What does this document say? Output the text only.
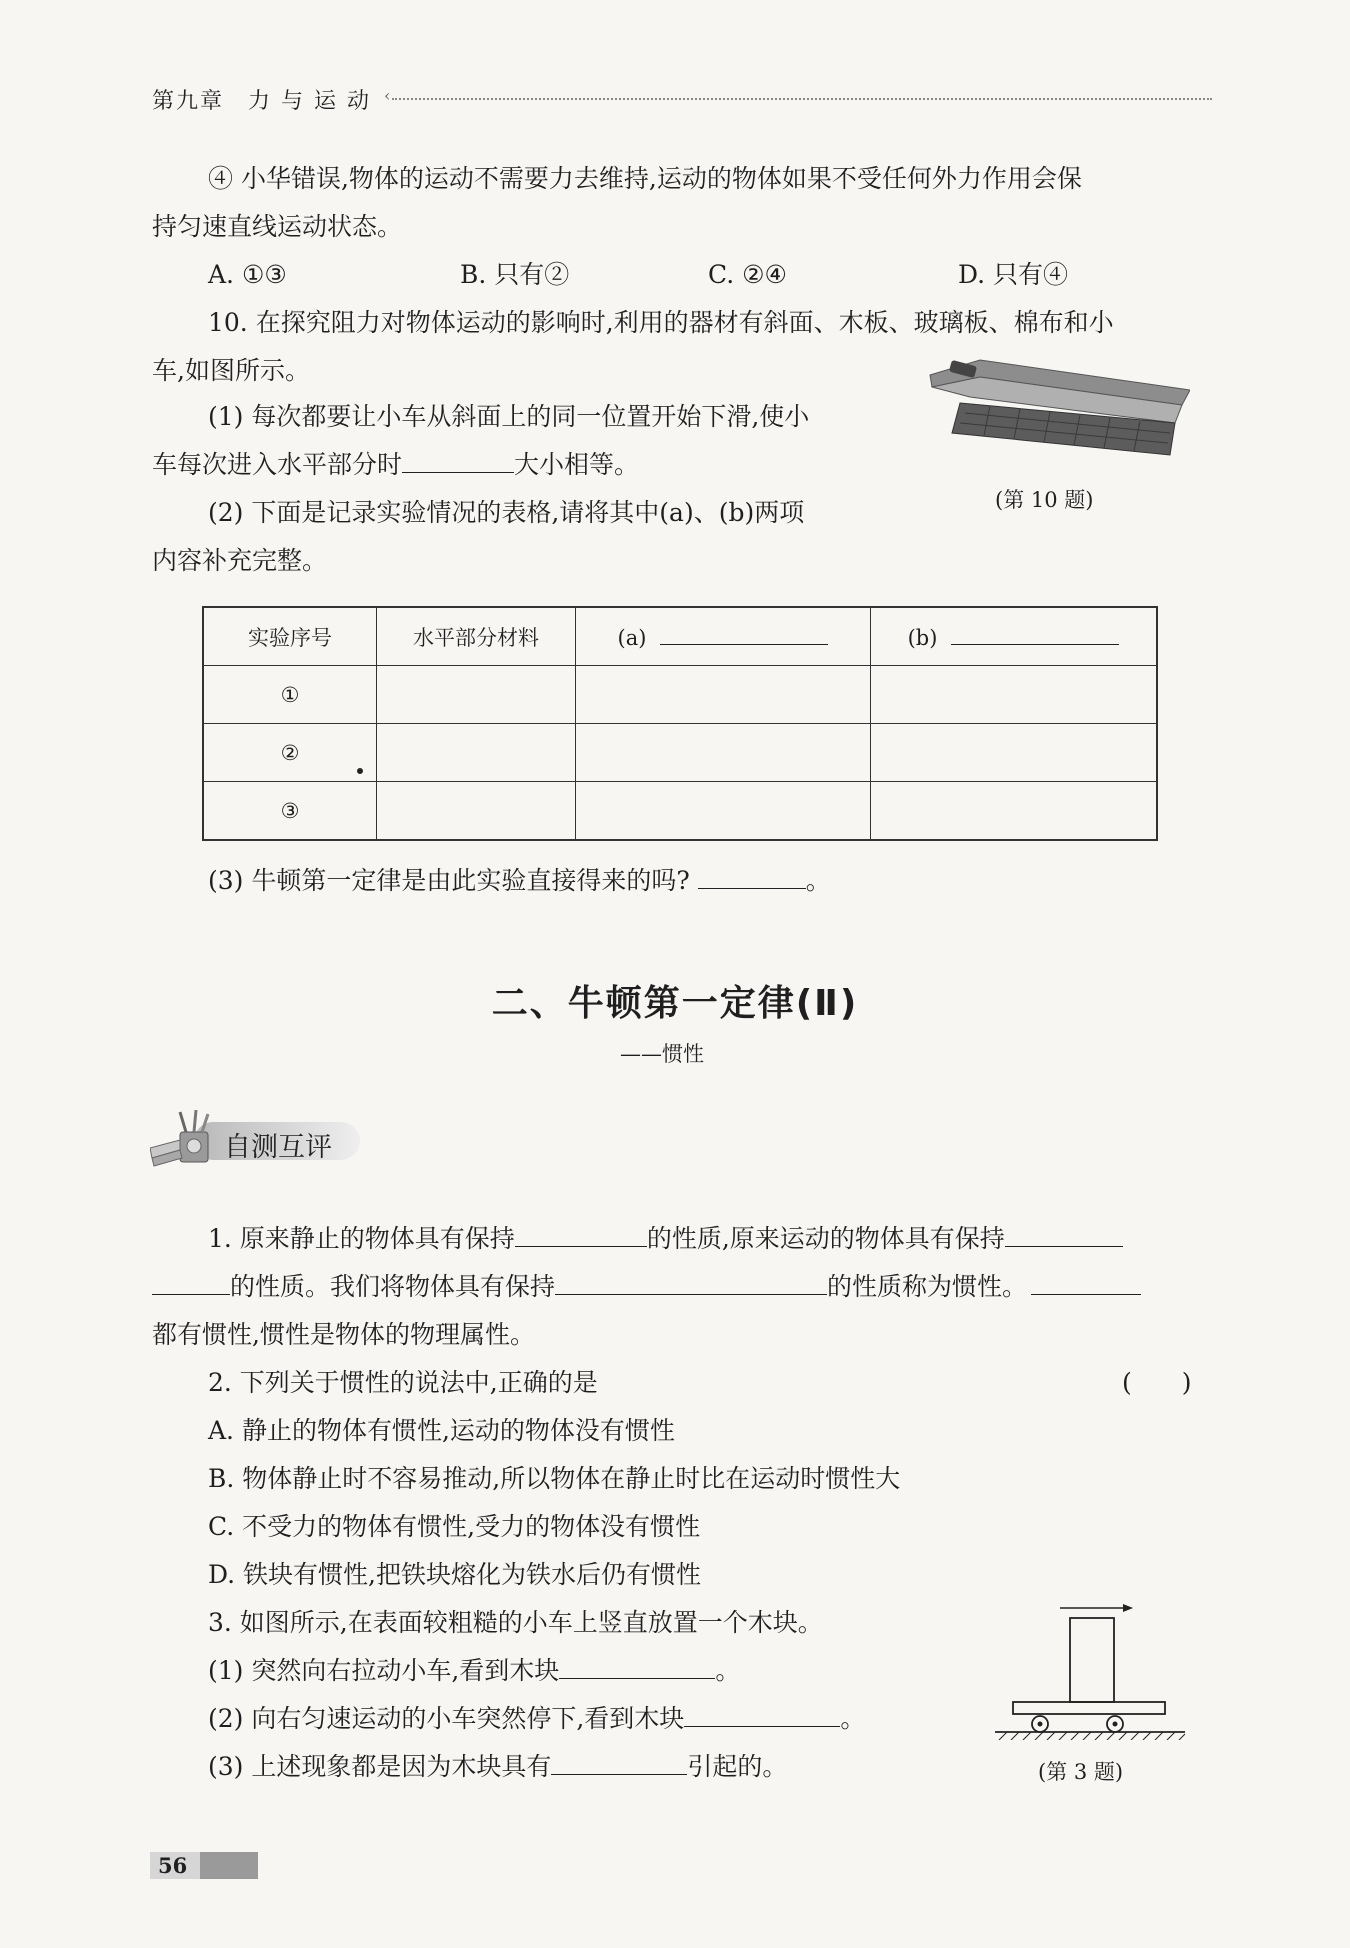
第九章　力 与 运 动 ‹
④ 小华错误,物体的运动不需要力去维持,运动的物体如果不受任何外力作用会保
持匀速直线运动状态。
A. ①③	B. 只有②	C. ②④	D. 只有④
10. 在探究阻力对物体运动的影响时,利用的器材有斜面、木板、玻璃板、棉布和小
车,如图所示。
(1) 每次都要让小车从斜面上的同一位置开始下滑,使小
车每次进入水平部分时	大小相等。
(2) 下面是记录实验情况的表格,请将其中(a)、(b)两项
内容补充完整。
(第 10 题)
实验序号	水平部分材料	(a)	(b)
①			
②			
③			
(3) 牛顿第一定律是由此实验直接得来的吗?	。
二、牛顿第一定律(Ⅱ)
——惯性
自测互评
1. 原来静止的物体具有保持	的性质,原来运动的物体具有保持
的性质。我们将物体具有保持	的性质称为惯性。
都有惯性,惯性是物体的物理属性。
2. 下列关于惯性的说法中,正确的是	(　　)
A. 静止的物体有惯性,运动的物体没有惯性
B. 物体静止时不容易推动,所以物体在静止时比在运动时惯性大
C. 不受力的物体有惯性,受力的物体没有惯性
D. 铁块有惯性,把铁块熔化为铁水后仍有惯性
3. 如图所示,在表面较粗糙的小车上竖直放置一个木块。
(1) 突然向右拉动小车,看到木块	。
(2) 向右匀速运动的小车突然停下,看到木块	。
(3) 上述现象都是因为木块具有	引起的。	(第 3 题)
56
